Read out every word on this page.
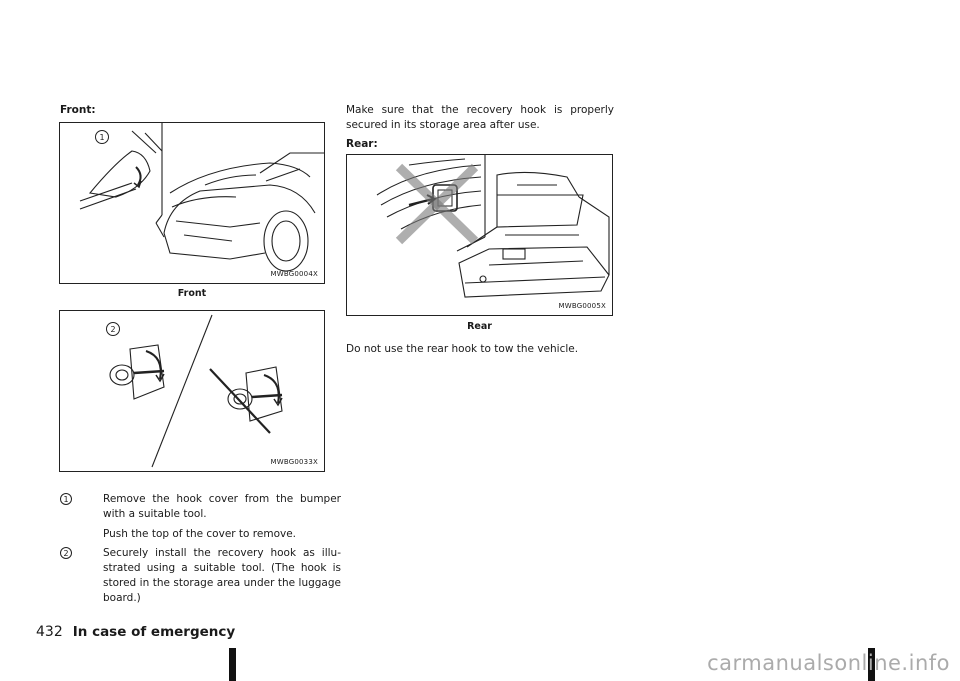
Front:
1
MWBG0004X
Front
2
MWBG0033X
1	Remove the hook cover from the bumper with a suitable tool.
Push the top of the cover to remove.
2	Securely install the recovery hook as illustrated using a suitable tool. (The hook is stored in the storage area under the luggage board.)
Make sure that the recovery hook is properly secured in its storage area after use.
Rear:
MWBG0005X
Rear
Do not use the rear hook to tow the vehicle.
432 In case of emergency
carmanualsonline.info
